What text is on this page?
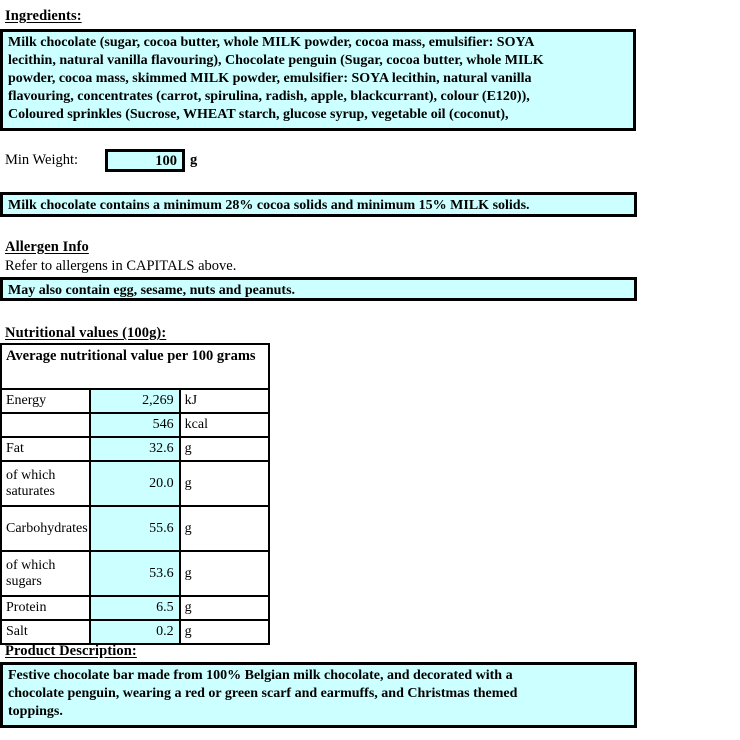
Ingredients:
Milk chocolate (sugar, cocoa butter, whole MILK powder, cocoa mass, emulsifier: SOYA
lecithin, natural vanilla flavouring), Chocolate penguin (Sugar, cocoa butter, whole MILK
powder, cocoa mass, skimmed MILK powder, emulsifier: SOYA lecithin, natural vanilla
flavouring, concentrates (carrot, spirulina, radish, apple, blackcurrant), colour (E120)),
Coloured sprinkles (Sucrose, WHEAT starch, glucose syrup, vegetable oil (coconut),
Min Weight:	100 g
Milk chocolate contains a minimum 28% cocoa solids and minimum 15% MILK solids.
Allergen Info
Refer to allergens in CAPITALS above.
May also contain egg, sesame, nuts and peanuts.
Nutritional values (100g):
Average nutritional value per 100 grams		
Energy	2,269	kJ
	546	kcal
Fat	32.6	g
of which saturates	20.0	g
Carbohydrates	55.6	g
of which sugars	53.6	g
Protein	6.5	g
Salt	0.2	g
Product Description:
Festive chocolate bar made from 100% Belgian milk chocolate, and decorated with a
chocolate penguin, wearing a red or green scarf and earmuffs, and Christmas themed
toppings.
